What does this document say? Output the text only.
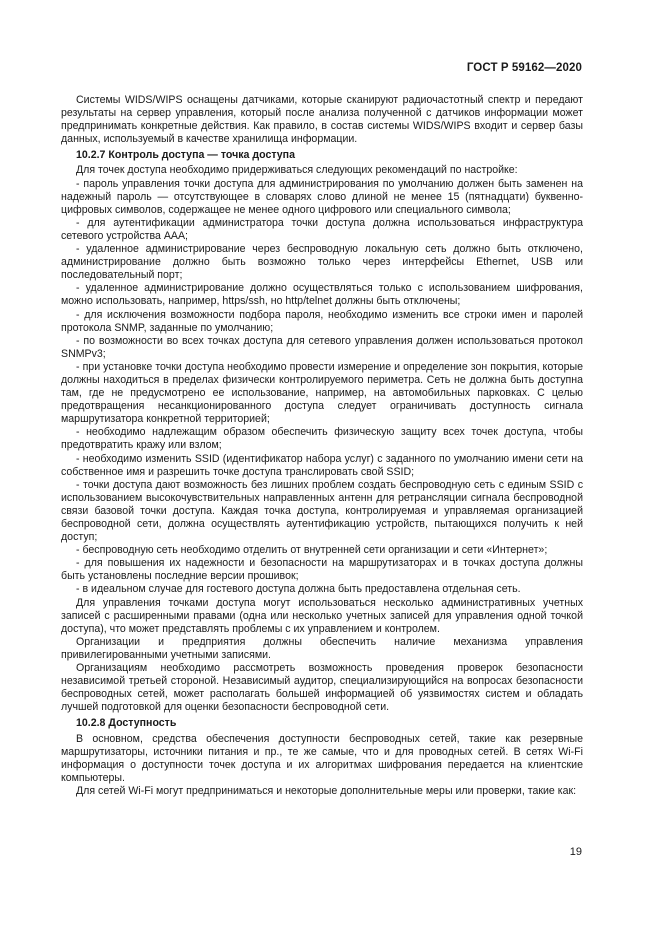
ГОСТ Р 59162—2020

Системы WIDS/WIPS оснащены датчиками, которые сканируют радиочастотный спектр и передают результаты на сервер управления, который после анализа полученной с датчиков информации может предпринимать конкретные действия. Как правило, в состав системы WIDS/WIPS входит и сервер базы данных, используемый в качестве хранилища информации.

10.2.7 Контроль доступа — точка доступа

Для точек доступа необходимо придерживаться следующих рекомендаций по настройке:

- пароль управления точки доступа для администрирования по умолчанию должен быть заменен на надежный пароль — отсутствующее в словарях слово длиной не менее 15 (пятнадцати) буквенно-цифровых символов, содержащее не менее одного цифрового или специального символа;

- для аутентификации администратора точки доступа должна использоваться инфраструктура сетевого устройства ААА;

- удаленное администрирование через беспроводную локальную сеть должно быть отключено, администрирование должно быть возможно только через интерфейсы Ethernet, USB или последовательный порт;

- удаленное администрирование должно осуществляться только с использованием шифрования, можно использовать, например, https/ssh, но http/telnet должны быть отключены;

- для исключения возможности подбора пароля, необходимо изменить все строки имен и паролей протокола SNMP, заданные по умолчанию;

- по возможности во всех точках доступа для сетевого управления должен использоваться протокол SNMPv3;

- при установке точки доступа необходимо провести измерение и определение зон покрытия, которые должны находиться в пределах физически контролируемого периметра. Сеть не должна быть доступна там, где не предусмотрено ее использование, например, на автомобильных парковках. С целью предотвращения несанкционированного доступа следует ограничивать доступность сигнала маршрутизатора конкретной территорией;

- необходимо надлежащим образом обеспечить физическую защиту всех точек доступа, чтобы предотвратить кражу или взлом;

- необходимо изменить SSID (идентификатор набора услуг) с заданного по умолчанию имени сети на собственное имя и разрешить точке доступа транслировать свой SSID;

- точки доступа дают возможность без лишних проблем создать беспроводную сеть с единым SSID с использованием высокочувствительных направленных антенн для ретрансляции сигнала беспроводной связи базовой точки доступа. Каждая точка доступа, контролируемая и управляемая организацией беспроводной сети, должна осуществлять аутентификацию устройств, пытающихся получить к ней доступ;

- беспроводную сеть необходимо отделить от внутренней сети организации и сети «Интернет»;

- для повышения их надежности и безопасности на маршрутизаторах и в точках доступа должны быть установлены последние версии прошивок;

- в идеальном случае для гостевого доступа должна быть предоставлена отдельная сеть.

Для управления точками доступа могут использоваться несколько административных учетных записей с расширенными правами (одна или несколько учетных записей для управления одной точкой доступа), что может представлять проблемы с их управлением и контролем.

Организации и предприятия должны обеспечить наличие механизма управления привилегированными учетными записями.

Организациям необходимо рассмотреть возможность проведения проверок безопасности независимой третьей стороной. Независимый аудитор, специализирующийся на вопросах безопасности беспроводных сетей, может располагать большей информацией об уязвимостях систем и обладать лучшей подготовкой для оценки безопасности беспроводной сети.

10.2.8 Доступность

В основном, средства обеспечения доступности беспроводных сетей, такие как резервные маршрутизаторы, источники питания и пр., те же самые, что и для проводных сетей. В сетях Wi-Fi информация о доступности точек доступа и их алгоритмах шифрования передается на клиентские компьютеры.

Для сетей Wi-Fi могут предприниматься и некоторые дополнительные меры или проверки, такие как:

19
